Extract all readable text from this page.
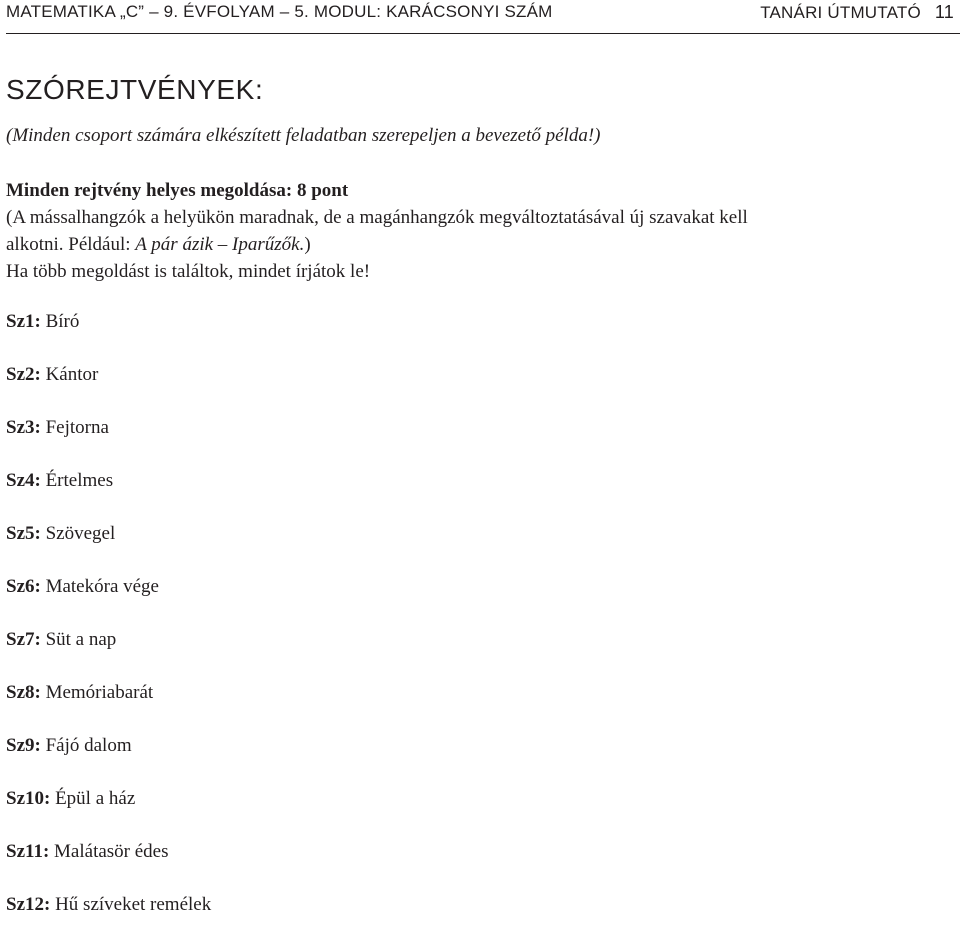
MATEMATIKA „C” – 9. ÉVFOLYAM – 5. MODUL: KARÁCSONYI SZÁM	TANÁRI ÚTMUTATÓ 11
SZÓREJTVÉNYEK:
(Minden csoport számára elkészített feladatban szerepeljen a bevezető példa!)
Minden rejtvény helyes megoldása: 8 pont
(A mássalhangzók a helyükön maradnak, de a magánhangzók megváltoztatásával új szavakat kell
alkotni. Például: A pár ázik – Iparűzők.)
Ha több megoldást is találtok, mindet írjátok le!
Sz1: Bíró
Sz2: Kántor
Sz3: Fejtorna
Sz4: Értelmes
Sz5: Szövegel
Sz6: Matekóra vége
Sz7: Süt a nap
Sz8: Memóriabarát
Sz9: Fájó dalom
Sz10: Épül a ház
Sz11: Malátasör édes
Sz12: Hű szíveket remélek
